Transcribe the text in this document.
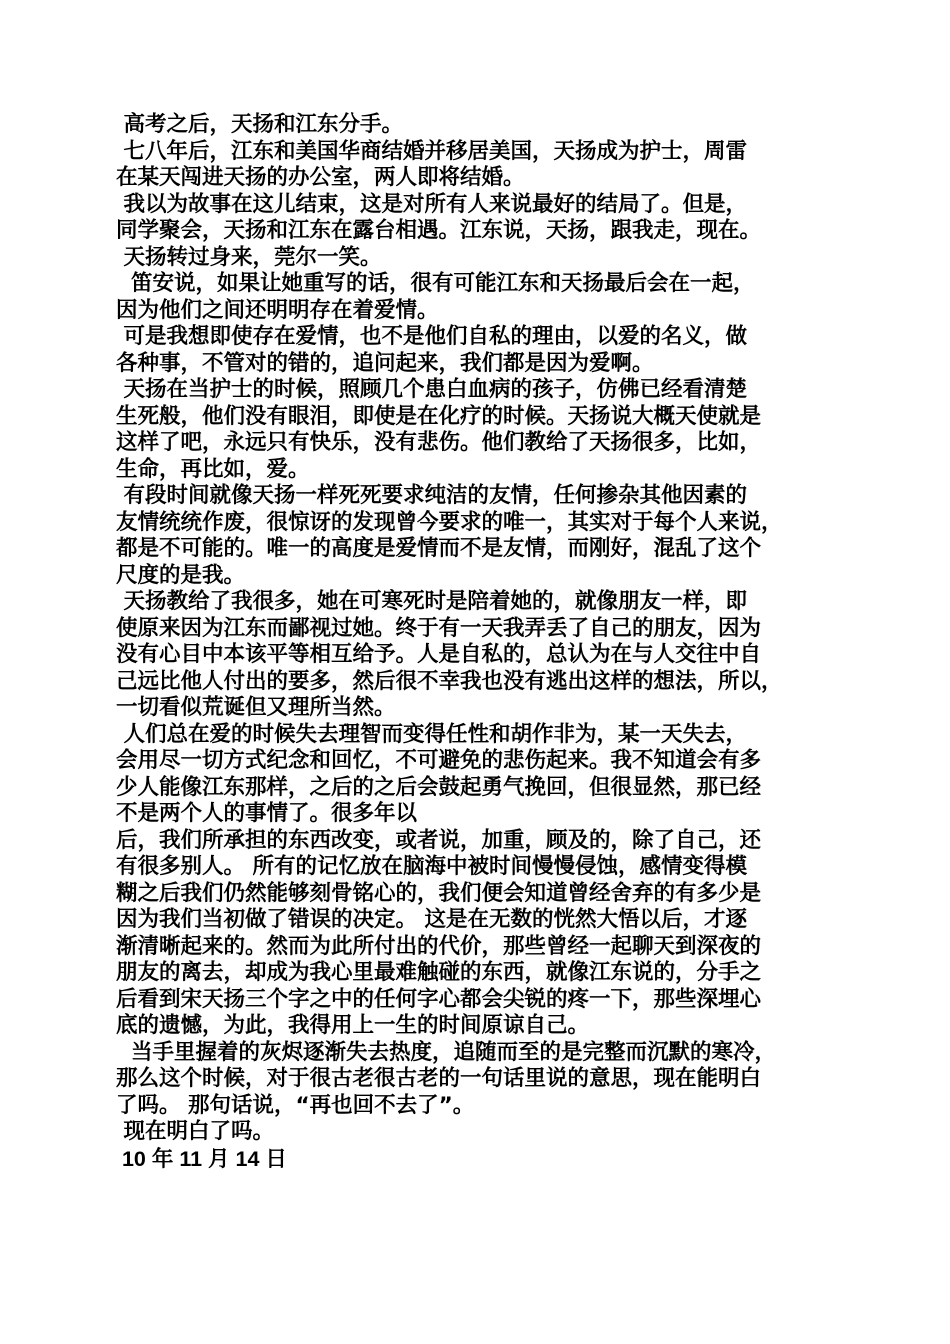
高考之后，天扬和江东分手。
七八年后，江东和美国华商结婚并移居美国，天扬成为护士，周雷
在某天闯进天扬的办公室，两人即将结婚。
我以为故事在这儿结束，这是对所有人来说最好的结局了。但是，
同学聚会，天扬和江东在露台相遇。江东说，天扬，跟我走，现在。
天扬转过身来，莞尔一笑。
笛安说，如果让她重写的话，很有可能江东和天扬最后会在一起，
因为他们之间还明明存在着爱情。
可是我想即使存在爱情，也不是他们自私的理由，以爱的名义，做
各种事，不管对的错的，追问起来，我们都是因为爱啊。
天扬在当护士的时候，照顾几个患白血病的孩子，仿佛已经看清楚
生死般，他们没有眼泪，即使是在化疗的时候。天扬说大概天使就是
这样了吧，永远只有快乐，没有悲伤。他们教给了天扬很多，比如，
生命，再比如，爱。
有段时间就像天扬一样死死要求纯洁的友情，任何掺杂其他因素的
友情统统作废，很惊讶的发现曾今要求的唯一，其实对于每个人来说，
都是不可能的。唯一的高度是爱情而不是友情，而刚好，混乱了这个
尺度的是我。
天扬教给了我很多，她在可寒死时是陪着她的，就像朋友一样，即
使原来因为江东而鄙视过她。终于有一天我弄丢了自己的朋友，因为
没有心目中本该平等相互给予。人是自私的，总认为在与人交往中自
己远比他人付出的要多，然后很不幸我也没有逃出这样的想法，所以，
一切看似荒诞但又理所当然。
人们总在爱的时候失去理智而变得任性和胡作非为，某一天失去，
会用尽一切方式纪念和回忆，不可避免的悲伤起来。我不知道会有多
少人能像江东那样，之后的之后会鼓起勇气挽回，但很显然，那已经
不是两个人的事情了。很多年以
后，我们所承担的东西改变，或者说，加重，顾及的，除了自己，还
有很多别人。 所有的记忆放在脑海中被时间慢慢侵蚀，感情变得模
糊之后我们仍然能够刻骨铭心的，我们便会知道曾经舍弃的有多少是
因为我们当初做了错误的决定。 这是在无数的恍然大悟以后，才逐
渐清晰起来的。然而为此所付出的代价，那些曾经一起聊天到深夜的
朋友的离去，却成为我心里最难触碰的东西，就像江东说的，分手之
后看到宋天扬三个字之中的任何字心都会尖锐的疼一下，那些深埋心
底的遗憾，为此，我得用上一生的时间原谅自己。
当手里握着的灰烬逐渐失去热度，追随而至的是完整而沉默的寒冷，
那么这个时候，对于很古老很古老的一句话里说的意思，现在能明白
了吗。 那句话说，“再也回不去了”。
现在明白了吗。
10 年 11 月 14 日
